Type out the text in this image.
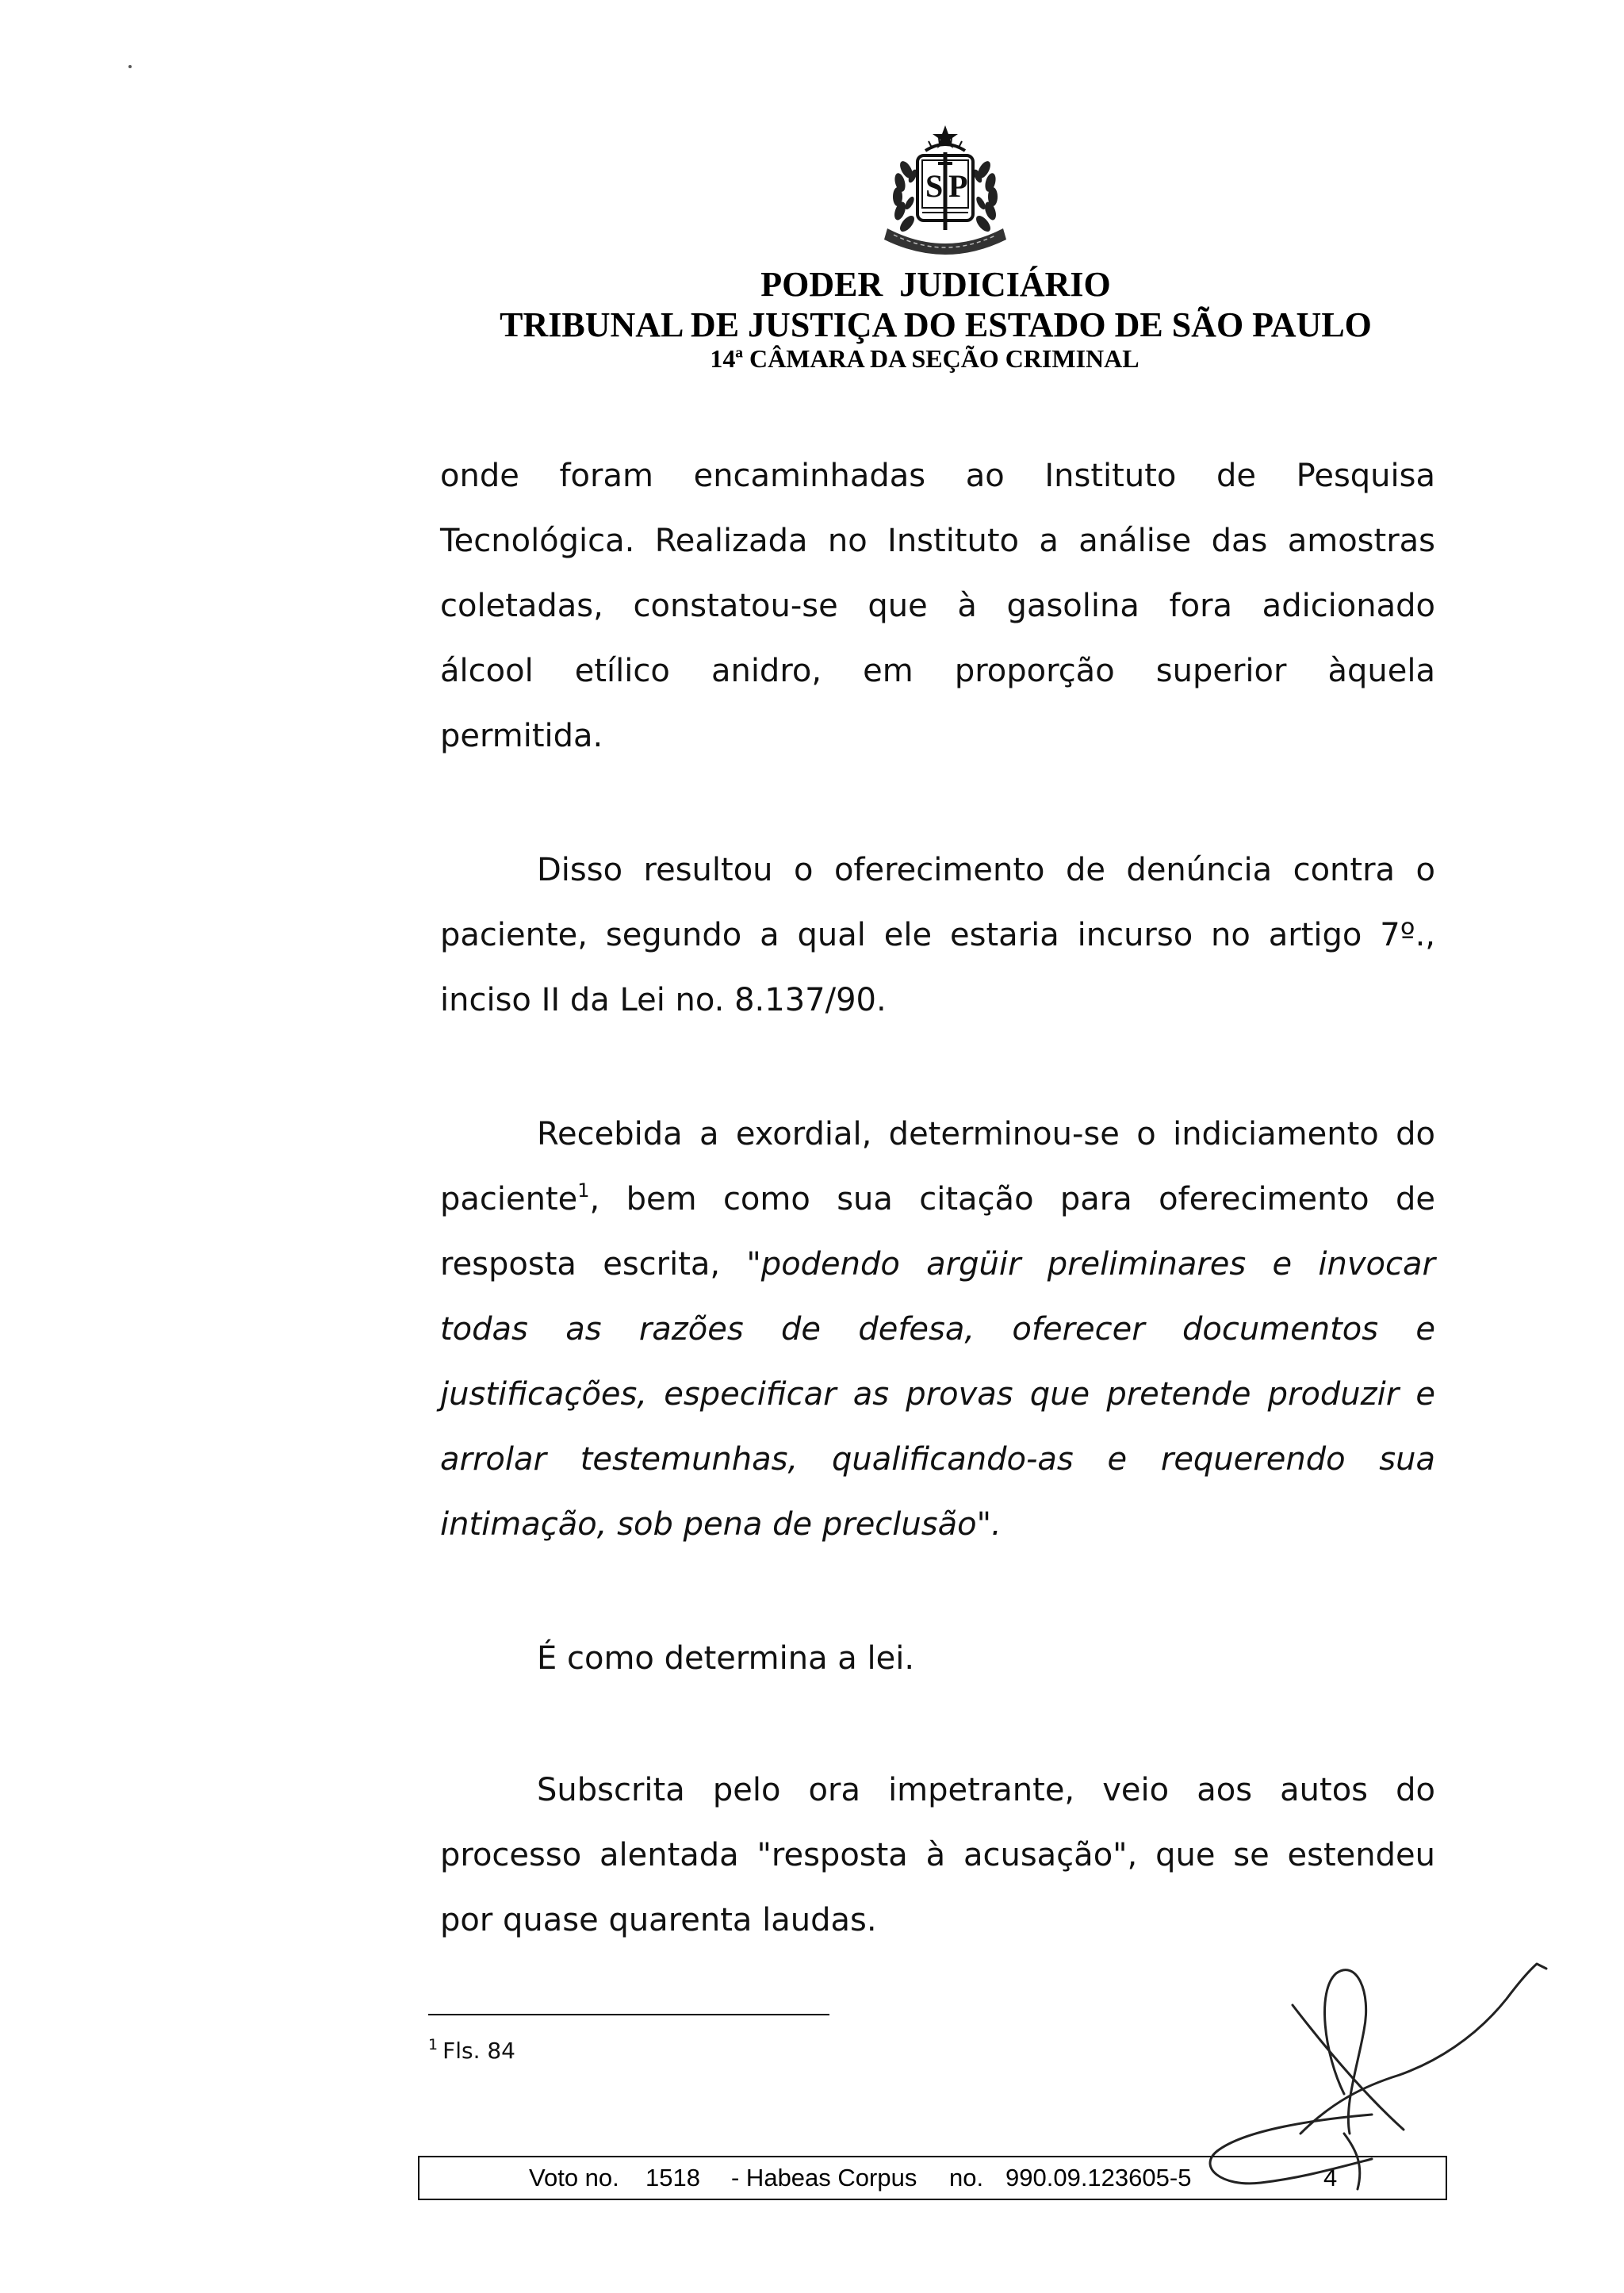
S P
PODER JUDICIÁRIO
TRIBUNAL DE JUSTIÇA DO ESTADO DE SÃO PAULO
14ª CÂMARA DA SEÇÃO CRIMINAL
onde foram encaminhadas ao Instituto de Pesquisa
Tecnológica. Realizada no Instituto a análise das amostras
coletadas, constatou-se que à gasolina fora adicionado
álcool etílico anidro, em proporção superior àquela
permitida.
Disso resultou o oferecimento de denúncia contra o
paciente, segundo a qual ele estaria incurso no artigo 7º.,
inciso II da Lei no. 8.137/90.
Recebida a exordial, determinou-se o indiciamento do
paciente$^1$, bem como sua citação para oferecimento de
resposta escrita, "podendo argüir preliminares e invocar
todas as razões de defesa, oferecer documentos e
justificações, especificar as provas que pretende produzir e
arrolar testemunhas, qualificando-as e requerendo sua
intimação, sob pena de preclusão".
É como determina a lei.
Subscrita pelo ora impetrante, veio aos autos do
processo alentada "resposta à acusação", que se estendeu
por quase quarenta laudas.
$^1$ Fls. 84
Voto no. 1518 - Habeas Corpus no. 990.09.123605-5	4
